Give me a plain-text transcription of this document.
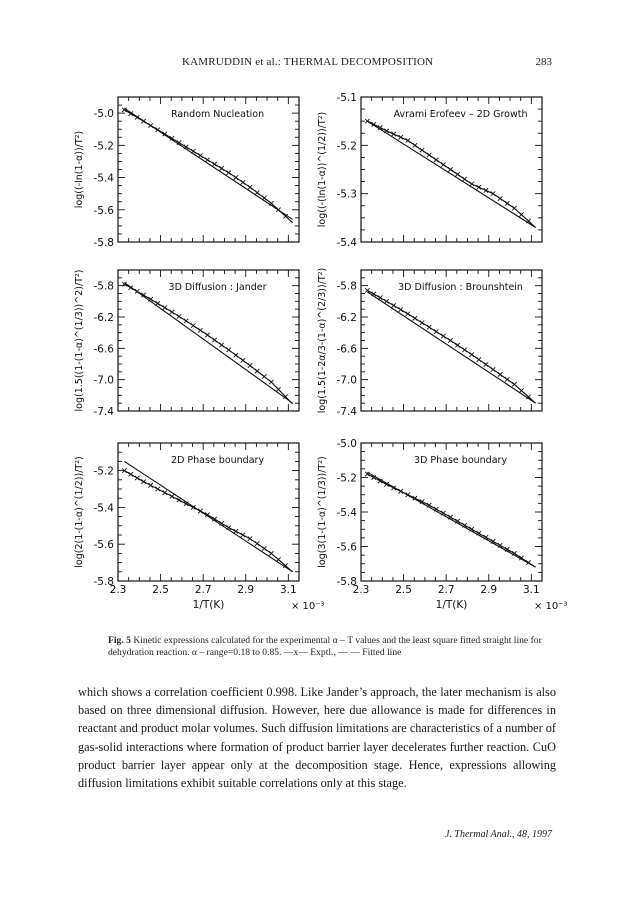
KAMRUDDIN et al.: THERMAL DECOMPOSITION	283
-5.0
-5.2
-5.4
-5.6
-5.8
log((-ln(1-α))/T²)
Random Nucleation
-5.1
-5.2
-5.3
-5.4
log((-(ln(1-α))^(1/2))/T²)	Avrami Erofeev – 2D Growth
-5.8
-6.2
-6.6
-7.0
-7.4
log(1.5((1-(1-α)^(1/3))^2)/T²)	3D Diffusion : Jander	-5.8
-6.2
-6.6
-7.0
-7.4
log(1.5(1-2α/3-(1-α)^(2/3))/T²)	3D Diffusion : Brounshtein
-5.2
-5.4
-5.6
-5.8
log(2(1-(1-α)^(1/2))/T²)	2D Phase boundary
2.3 2.5 2.7 2.9 3.1
1/T(K)	× 10⁻³
-5.0
-5.2
-5.4
-5.6
-5.8
log(3(1-(1-α)^(1/3))/T²)	3D Phase boundary
2.3 2.5 2.7 2.9 3.1
1/T(K)	× 10⁻³
Fig. 5 Kinetic expressions calculated for the experimental α – T values and the least square fitted straight line for dehydration reaction. α – range=0.18 to 0.85. —x— Exptl., — — Fitted line

which shows a correlation coefficient 0.998. Like Jander’s approach, the later mechanism is also based on three dimensional diffusion. However, here due allowance is made for differences in reactant and product molar volumes. Such diffusion limitations are characteristics of a number of gas-solid interactions where formation of product barrier layer decelerates further reaction. CuO product barrier layer appear only at the decomposition stage. Hence, expressions allowing diffusion limitations exhibit suitable correlations only at this stage.

J. Thermal Anal., 48, 1997
